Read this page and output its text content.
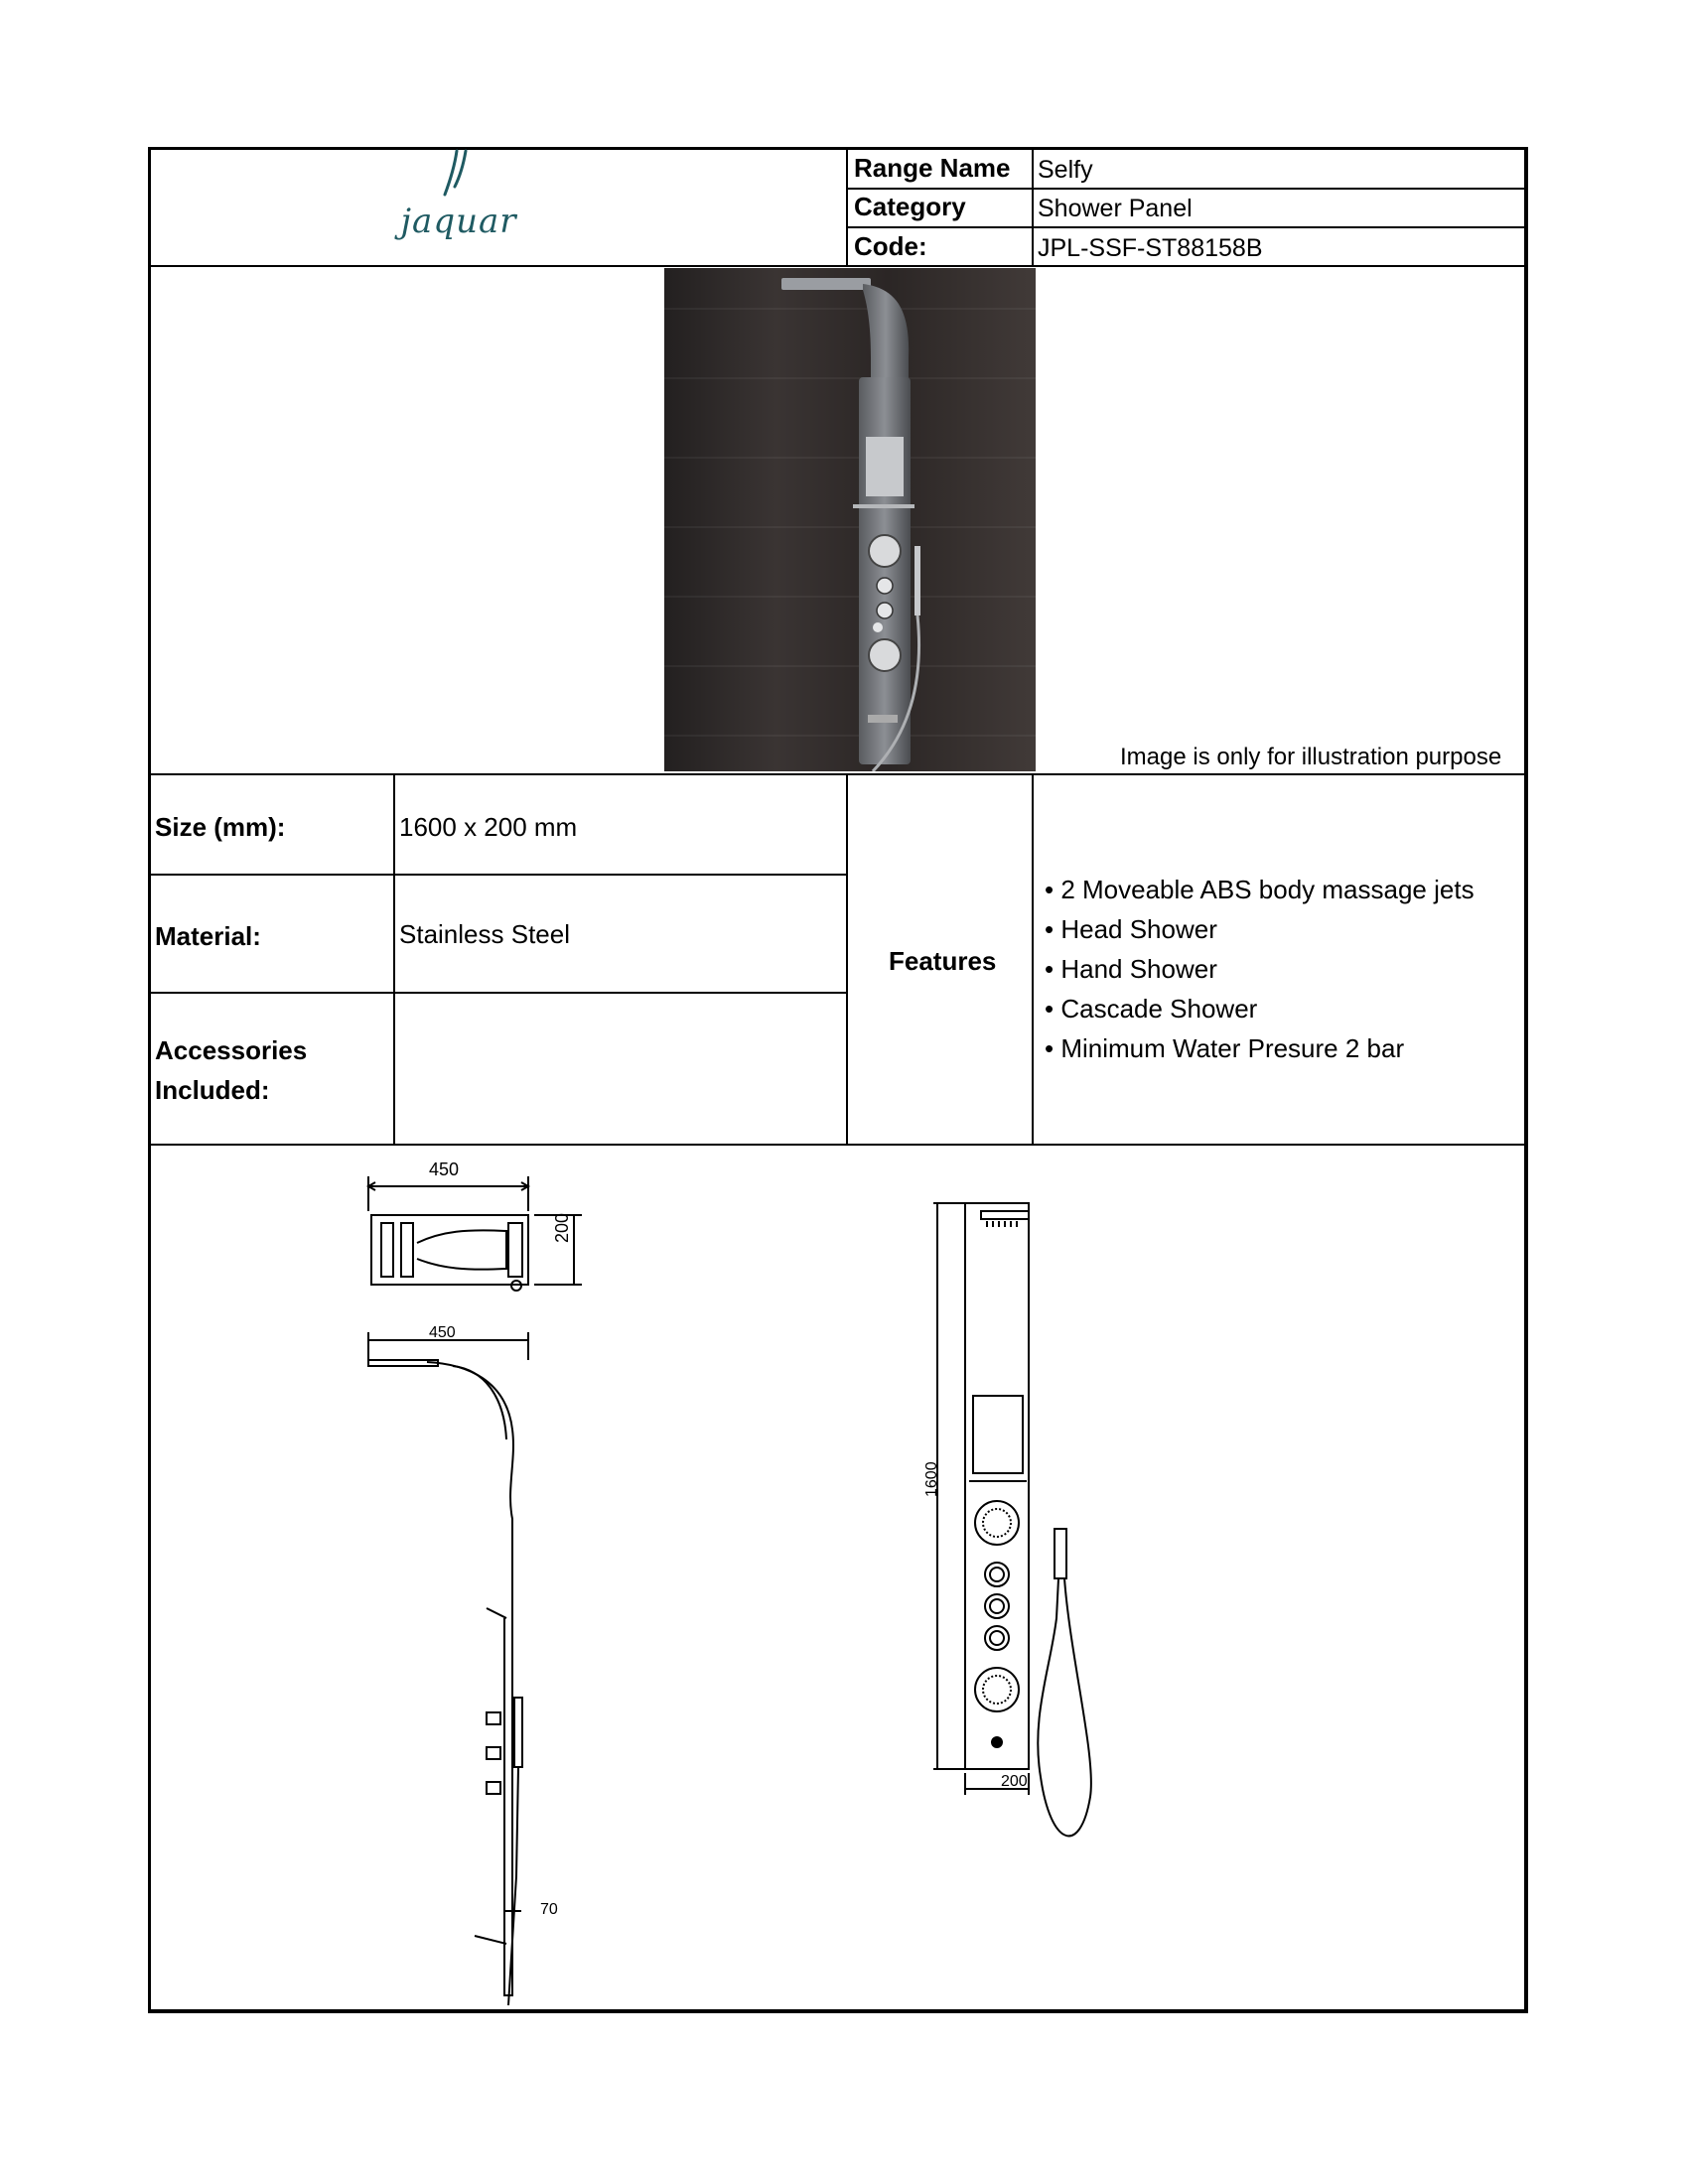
jaquar
Range Name Selfy
Category	Shower Panel
Code:	JPL-SSF-ST88158B
Image is only for illustration purpose
Size (mm):	1600 x 200 mm
Material:	Stainless Steel
Accessories
Included:
Features
• 2 Moveable ABS body massage jets
• Head Shower
• Hand Shower
• Cascade Shower
• Minimum Water Presure 2 bar
450
200
450
70
1600
200
